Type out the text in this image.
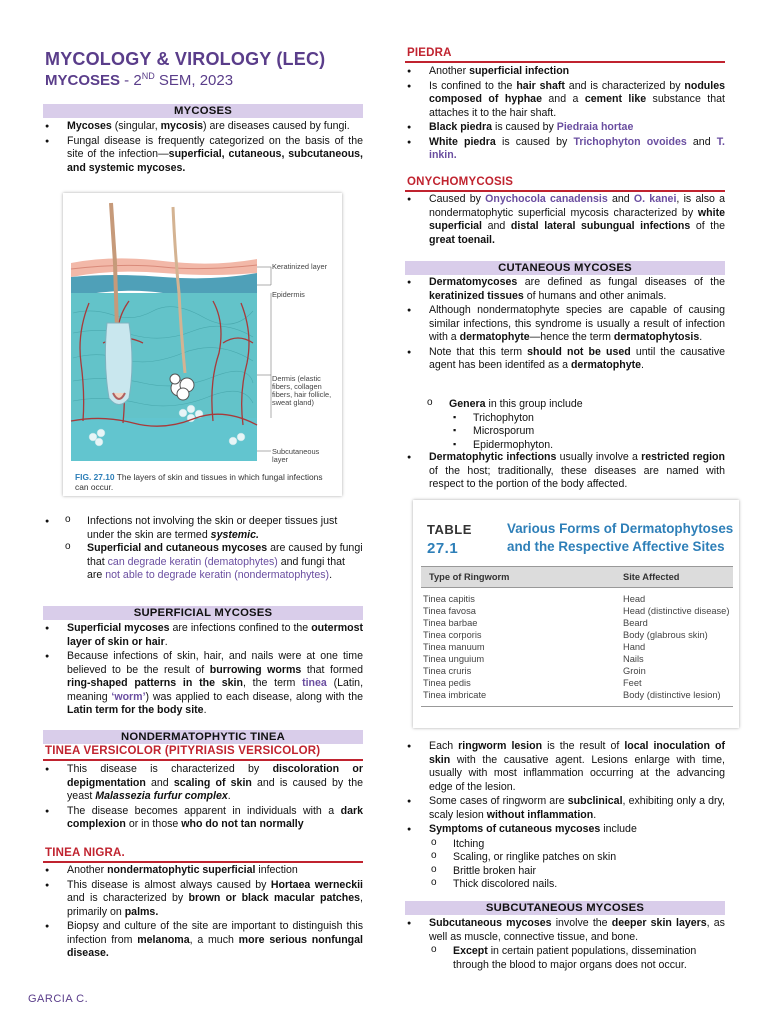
MYCOLOGY & VIROLOGY (LEC)
MYCOSES - 2ND SEM, 2023
MYCOSES
● Mycoses (singular, mycosis) are diseases caused by fungi.
● Fungal disease is frequently categorized on the basis of the site of the infection—superficial, cutaneous, subcutaneous, and systemic mycoses.
Keratinized layer
Epidermis
Dermis (elastic fibers, collagen fibers, hair follicle, sweat gland)
Subcutaneous layer
FIG. 27.10 The layers of skin and tissues in which fungal infections can occur.
o ● Infections not involving the skin or deeper tissues just under the skin are termed systemic.
o Superficial and cutaneous mycoses are caused by fungi that can degrade keratin (dematophytes) and fungi that are not able to degrade keratin (nondermatophytes).
SUPERFICIAL MYCOSES
● Superficial mycoses are infections confined to the outermost layer of skin or hair.
● Because infections of skin, hair, and nails were at one time believed to be the result of burrowing worms that formed ring-shaped patterns in the skin, the term tinea (Latin, meaning ‘worm’) was applied to each disease, along with the Latin term for the body site.
NONDERMATOPHYTIC TINEA
TINEA VERSICOLOR (PITYRIASIS VERSICOLOR)
● This disease is characterized by discoloration or depigmentation and scaling of skin and is caused by the yeast Malassezia furfur complex.
● The disease becomes apparent in individuals with a dark complexion or in those who do not tan normally
TINEA NIGRA.
● Another nondermatophytic superficial infection
● This disease is almost always caused by Hortaea werneckii and is characterized by brown or black macular patches, primarily on palms.
● Biopsy and culture of the site are important to distinguish this infection from melanoma, a much more serious nonfungal disease.
PIEDRA
● Another superficial infection
● Is confined to the hair shaft and is characterized by nodules composed of hyphae and a cement like substance that attaches it to the hair shaft.
● Black piedra is caused by Piedraia hortae
● White piedra is caused by Trichophyton ovoides and T. inkin.
ONYCHOMYCOSIS
● Caused by Onychocola canadensis and O. kanei, is also a nondermatophytic superficial mycosis characterized by white superficial and distal lateral subungual infections of the great toenail.
CUTANEOUS MYCOSES
● Dermatomycoses are defined as fungal diseases of the keratinized tissues of humans and other animals.
● Although nondermatophyte species are capable of causing similar infections, this syndrome is usually a result of infection with a dermatophyte—hence the term dermatophytosis.
● Note that this term should not be used until the causative agent has been identifed as a dermatophyte.
o Genera in this group include
▪ Trichophyton
▪ Microsporum
▪ Epidermophyton.
● Dermatophytic infections usually involve a restricted region of the host; traditionally, these diseases are named with respect to the portion of the body affected.
TABLE 27.1
Various Forms of Dermatophytoses and the Respective Affective Sites
Type of Ringworm	Site Affected
Tinea capitis	Head
Tinea favosa	Head (distinctive disease)
Tinea barbae	Beard
Tinea corporis	Body (glabrous skin)
Tinea manuum	Hand
Tinea unguium	Nails
Tinea cruris	Groin
Tinea pedis	Feet
Tinea imbricate	Body (distinctive lesion)
● Each ringworm lesion is the result of local inoculation of skin with the causative agent. Lesions enlarge with time, usually with most inflammation occurring at the advancing edge of the lesion.
● Some cases of ringworm are subclinical, exhibiting only a dry, scaly lesion without inflammation.
● Symptoms of cutaneous mycoses include
o Itching
o Scaling, or ringlike patches on skin
o Brittle broken hair
o Thick discolored nails.
SUBCUTANEOUS MYCOSES
● Subcutaneous mycoses involve the deeper skin layers, as well as muscle, connective tissue, and bone.
o Except in certain patient populations, dissemination through the blood to major organs does not occur.
GARCIA C.
